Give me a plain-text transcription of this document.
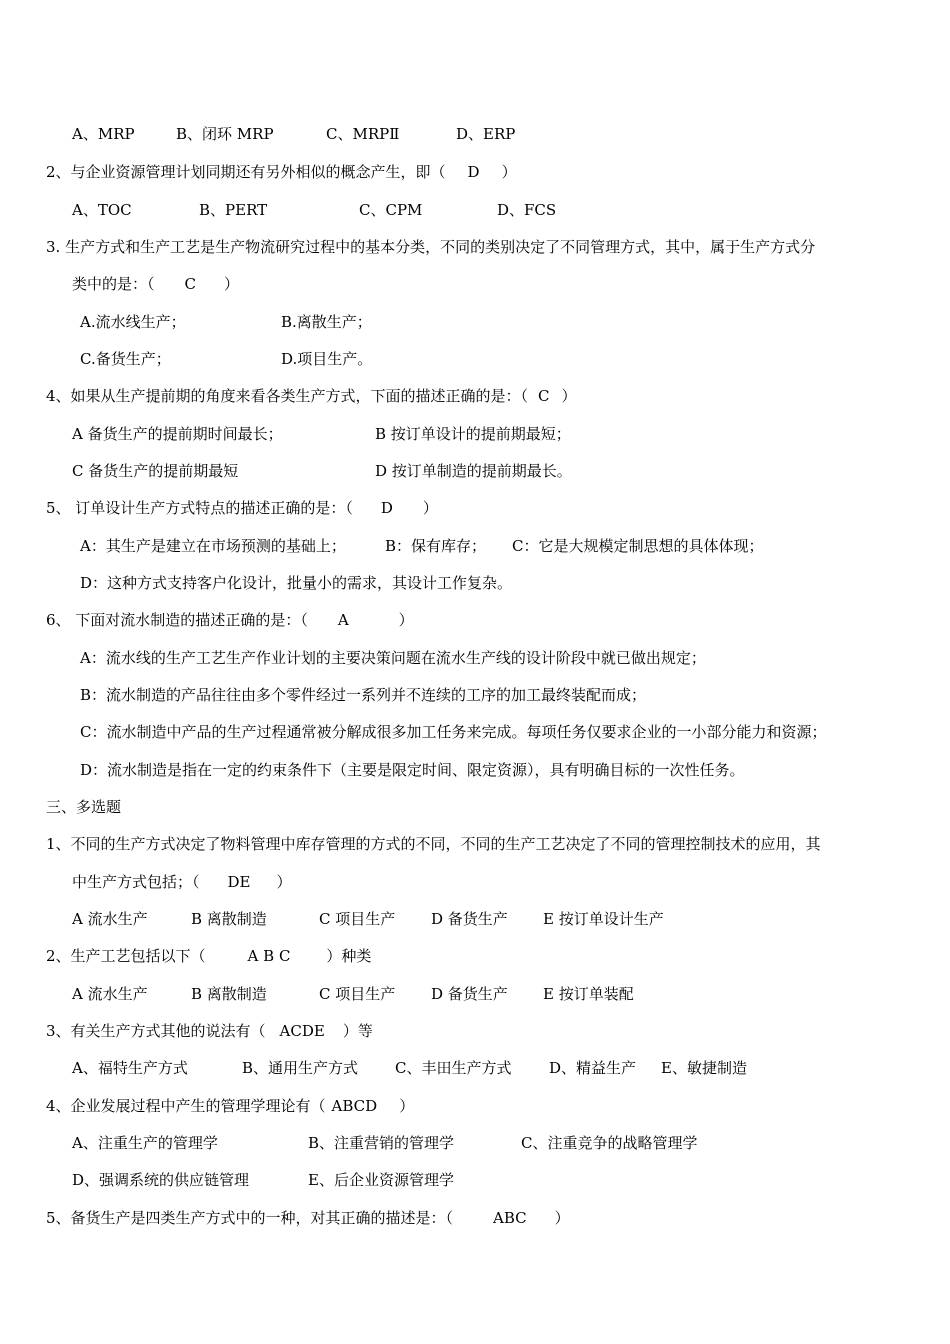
A、MRP	B、闭环 MRP	C、MRPⅡ	D、ERP
2、与企业资源管理计划同期还有另外相似的概念产生，即（ D ）
A、TOC	B、PERT	C、CPM	D、FCS
3. 生产方式和生产工艺是生产物流研究过程中的基本分类，不同的类别决定了不同管理方式，其中，属于生产方式分
类中的是：（ C ）
A.流水线生产；	B.离散生产；
C.备货生产；	D.项目生产。
4、如果从生产提前期的角度来看各类生产方式，下面的描述正确的是：（ C ）
A 备货生产的提前期时间最长；	B 按订单设计的提前期最短；
C 备货生产的提前期最短	D 按订单制造的提前期最长。
5、 订单设计生产方式特点的描述正确的是：（ D ）
A：其生产是建立在市场预测的基础上；	B：保有库存； C：它是大规模定制思想的具体体现；
D：这种方式支持客户化设计，批量小的需求，其设计工作复杂。
6、 下面对流水制造的描述正确的是：（ A	）
A：流水线的生产工艺生产作业计划的主要决策问题在流水生产线的设计阶段中就已做出规定；
B：流水制造的产品往往由多个零件经过一系列并不连续的工序的加工最终装配而成；
C：流水制造中产品的生产过程通常被分解成很多加工任务来完成。每项任务仅要求企业的一小部分能力和资源；
D：流水制造是指在一定的约束条件下（主要是限定时间、限定资源），具有明确目标的一次性任务。
三、多选题
1、不同的生产方式决定了物料管理中库存管理的方式的不同，不同的生产工艺决定了不同的管理控制技术的应用，其
中生产方式包括；（ DE ）
A 流水生产	B 离散制造	C 项目生产 D 备货生产 E 按订单设计生产
2、生产工艺包括以下（	A B C ）种类
A 流水生产	B 离散制造	C 项目生产 D 备货生产 E 按订单装配
3、有关生产方式其他的说法有（ ACDE ）等
A、福特生产方式	B、通用生产方式 C、丰田生产方式	D、精益生产 E、敏捷制造
4、企业发展过程中产生的管理学理论有（ ABCD ）
A、注重生产的管理学	B、注重营销的管理学	C、注重竞争的战略管理学
D、强调系统的供应链管理	E、后企业资源管理学
5、备货生产是四类生产方式中的一种，对其正确的描述是：（	ABC ）
